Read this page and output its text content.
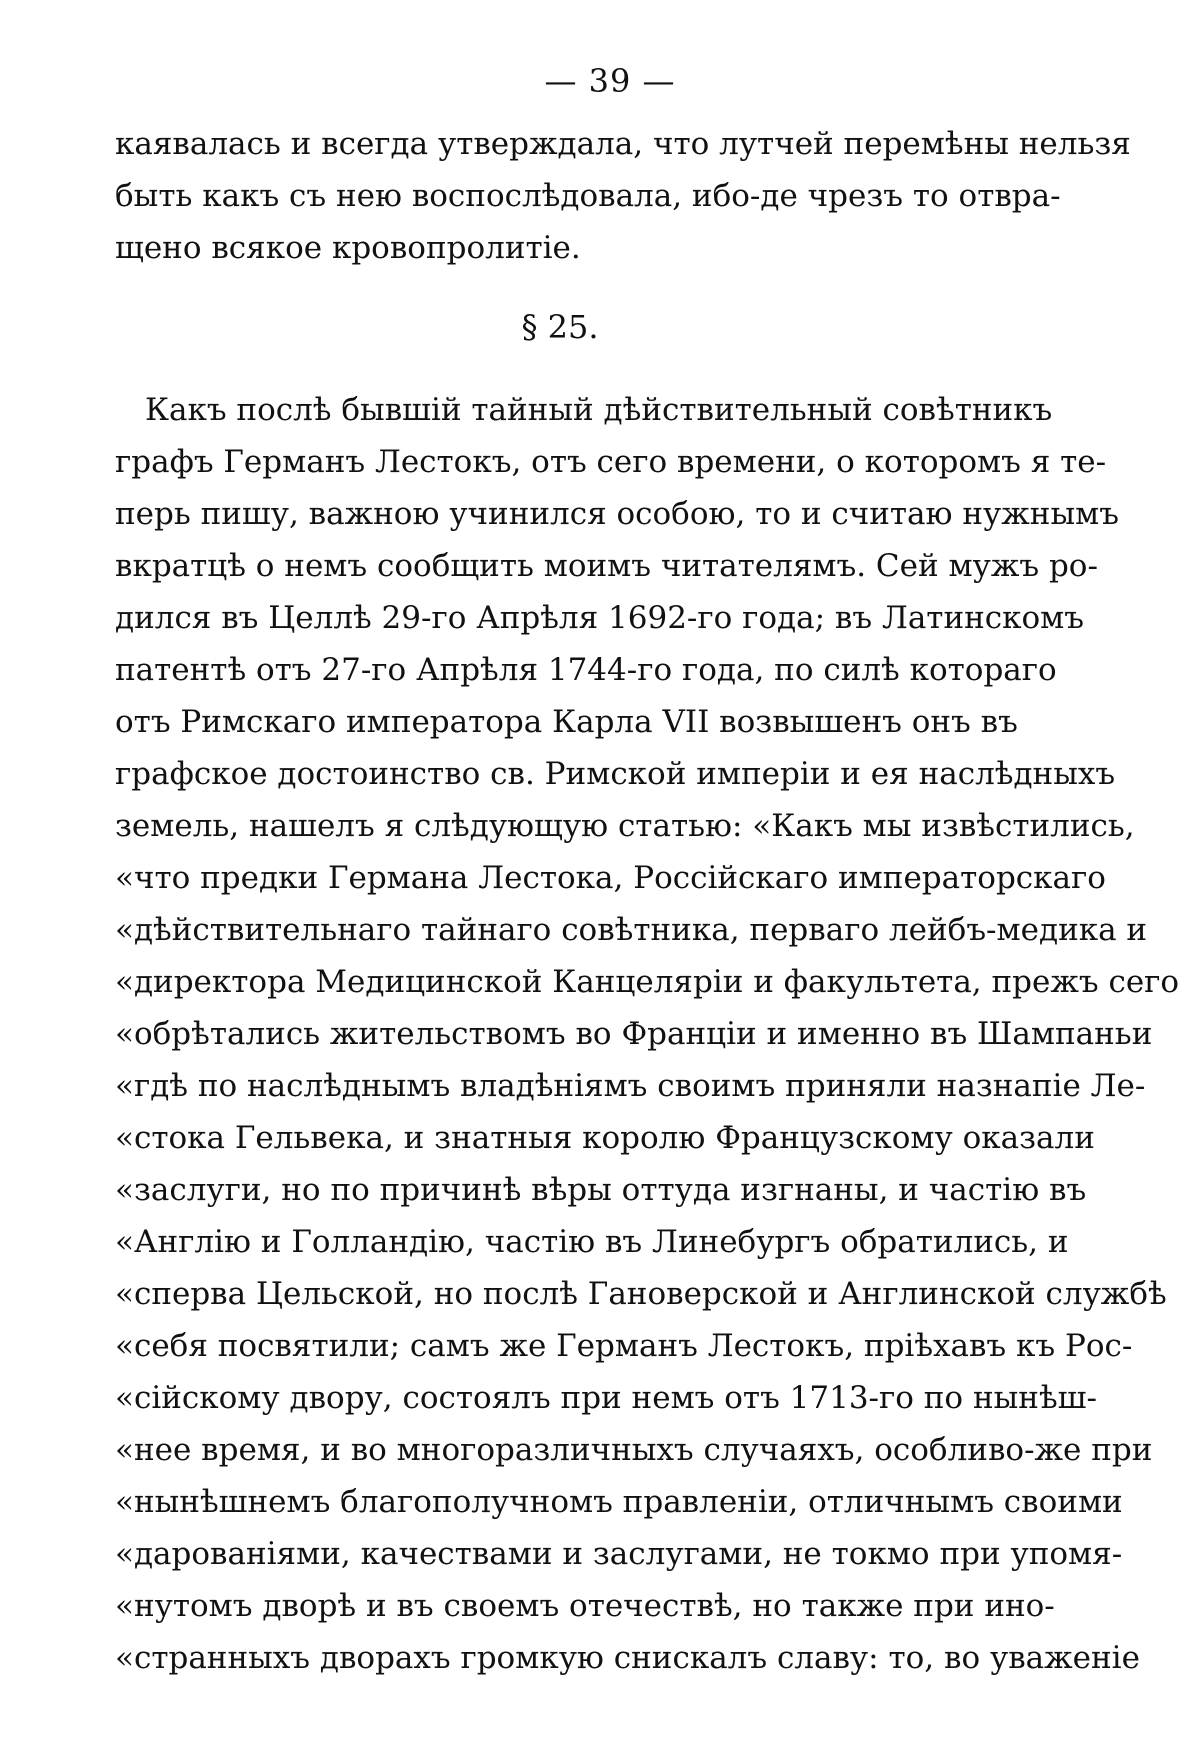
— 39 —
каявалась и всегда утверждала, что лутчей перемѣны нельзя
быть какъ съ нею воспослѣдовала, ибо-де чрезъ то отвра-
щено всякое кровопролитіе.
§ 25.
Какъ послѣ бывшій тайный дѣйствительный совѣтникъ
графъ Германъ Лестокъ, отъ сего времени, о которомъ я те-
перь пишу, важною учинился особою, то и считаю нужнымъ
вкратцѣ о немъ сообщить моимъ читателямъ. Сей мужъ ро-
дился въ Целлѣ 29-го Апрѣля 1692-го года; въ Латинскомъ
патентѣ отъ 27-го Апрѣля 1744-го года, по силѣ котораго
отъ Римскаго императора Карла VII возвышенъ онъ въ
графское достоинство св. Римской имперіи и ея наслѣдныхъ
земель, нашелъ я слѣдующую статью: «Какъ мы извѣстились,
«что предки Германа Лестока, Россійскаго императорскаго
«дѣйствительнаго тайнаго совѣтника, перваго лейбъ-медика и
«директора Медицинской Канцеляріи и факультета, прежъ сего
«обрѣтались жительствомъ во Франціи и именно въ Шампаньи
«гдѣ по наслѣднымъ владѣніямъ своимъ приняли назнапіе Ле-
«стока Гельвека, и знатныя королю Французскому оказали
«заслуги, но по причинѣ вѣры оттуда изгнаны, и частію въ
«Англію и Голландію, частію въ Линебургъ обратились, и
«сперва Цельской, но послѣ Гановерской и Англинской службѣ
«себя посвятили; самъ же Германъ Лестокъ, пріѣхавъ къ Рос-
«сійскому двору, состоялъ при немъ отъ 1713-го по нынѣш-
«нее время, и во многоразличныхъ случаяхъ, особливо-же при
«нынѣшнемъ благополучномъ правленіи, отличнымъ своими
«дарованіями, качествами и заслугами, не токмо при упомя-
«нутомъ дворѣ и въ своемъ отечествѣ, но также при ино-
«странныхъ дворахъ громкую снискалъ славу: то, во уваженіе
